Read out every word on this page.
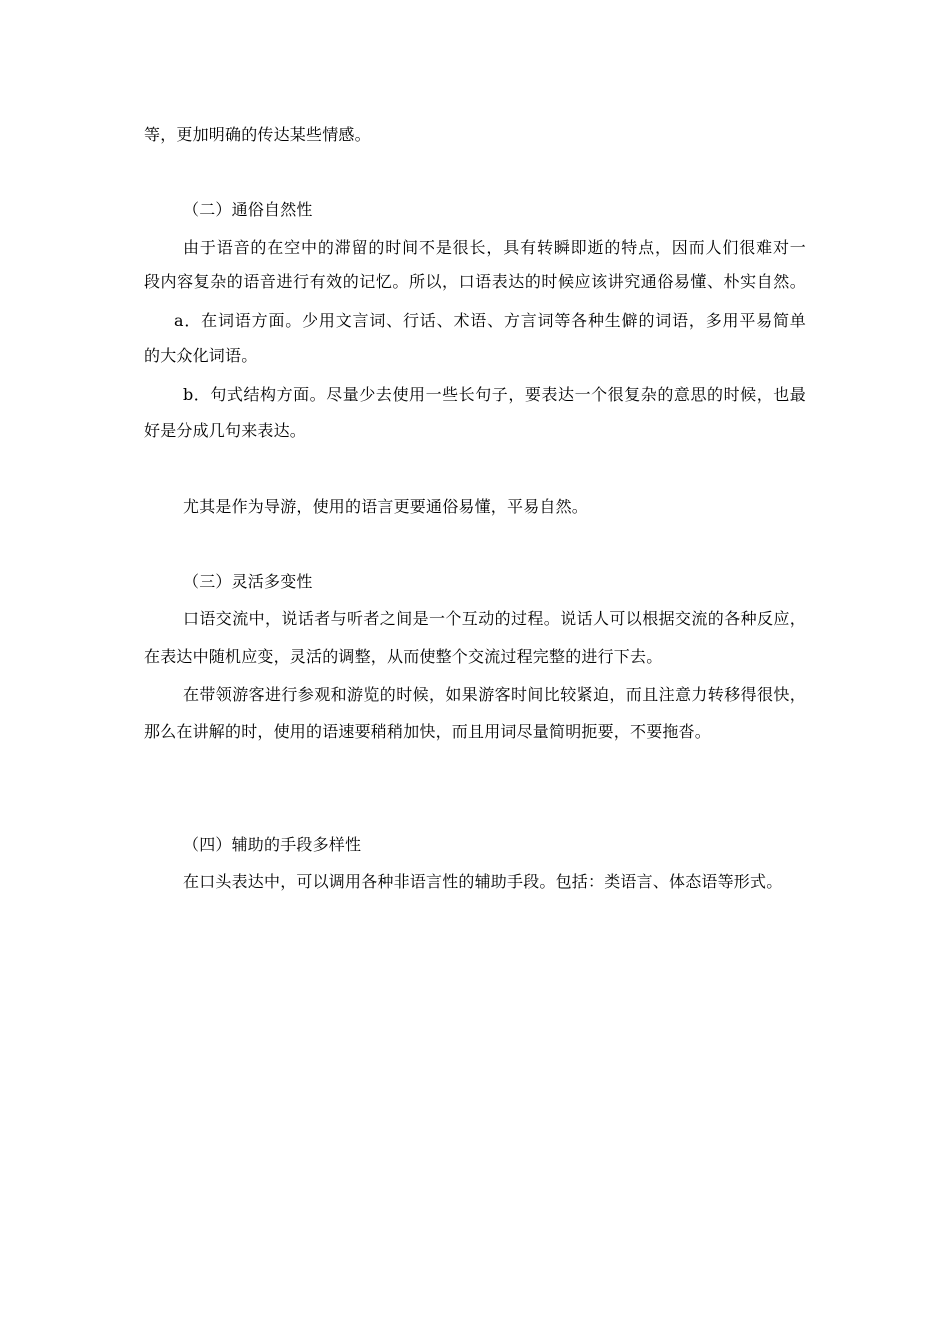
等，更加明确的传达某些情感。
（二）通俗自然性
由于语音的在空中的滞留的时间不是很长，具有转瞬即逝的特点，因而人们很难对一
段内容复杂的语音进行有效的记忆。所以，口语表达的时候应该讲究通俗易懂、朴实自然。
a．在词语方面。少用文言词、行话、术语、方言词等各种生僻的词语，多用平易简单
的大众化词语。
b．句式结构方面。尽量少去使用一些长句子，要表达一个很复杂的意思的时候，也最
好是分成几句来表达。
尤其是作为导游，使用的语言更要通俗易懂，平易自然。
（三）灵活多变性
口语交流中，说话者与听者之间是一个互动的过程。说话人可以根据交流的各种反应，
在表达中随机应变，灵活的调整，从而使整个交流过程完整的进行下去。
在带领游客进行参观和游览的时候，如果游客时间比较紧迫，而且注意力转移得很快，
那么在讲解的时，使用的语速要稍稍加快，而且用词尽量简明扼要，不要拖沓。
（四）辅助的手段多样性
在口头表达中，可以调用各种非语言性的辅助手段。包括：类语言、体态语等形式。
